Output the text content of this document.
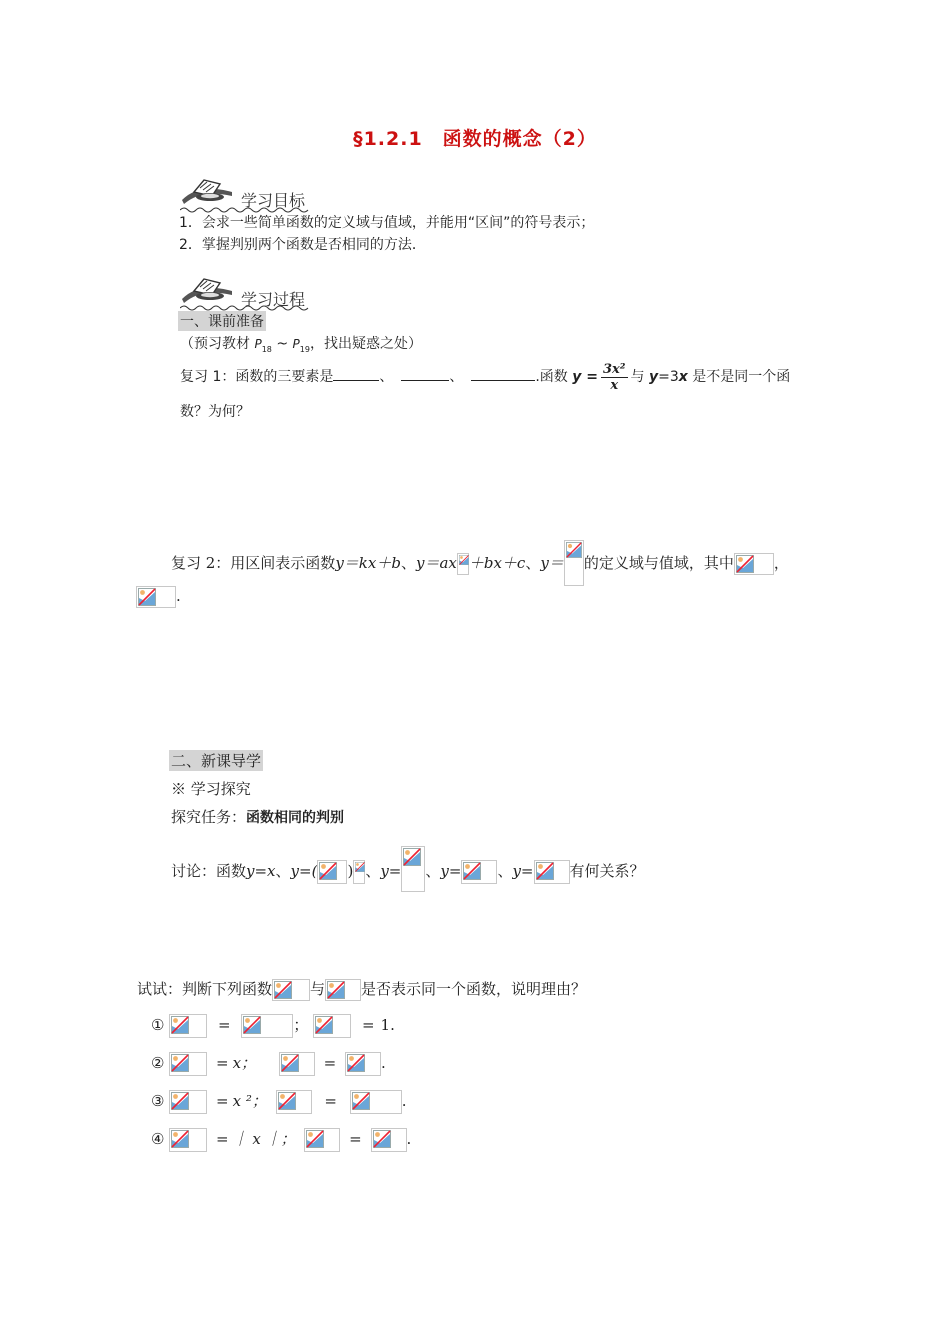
§1.2.1　函数的概念（2）
学习目标
1．会求一些简单函数的定义域与值域，并能用“区间”的符号表示；
2．掌握判别两个函数是否相同的方法．
学习过程
一、课前准备
（预习教材 $P_{18}$ ~ $P_{19}$，找出疑惑之处）
复习 1：函数的三要素是	、	、	.函数 $y = \frac{\text{3x²}}{x}$ 与 y=3x 是不是同一个函
数？为何？
复习 2：用区间表示函数y＝kx＋b、y＝ax ＋bx＋c、y＝ 的定义域与值域，其中	，
.
二、新课导学
※ 学习探究
探究任务：函数相同的判别
讨论：函数y=x、y=( ) 、y= 、y= 、y= 有何关系？
试试：判断下列函数	与 是否表示同一个函数，说明理由？
①	=	；	= 1.
②	= x；	=	.
③	= x ²；	=	.
④	= ｜ x ｜；	=	.
